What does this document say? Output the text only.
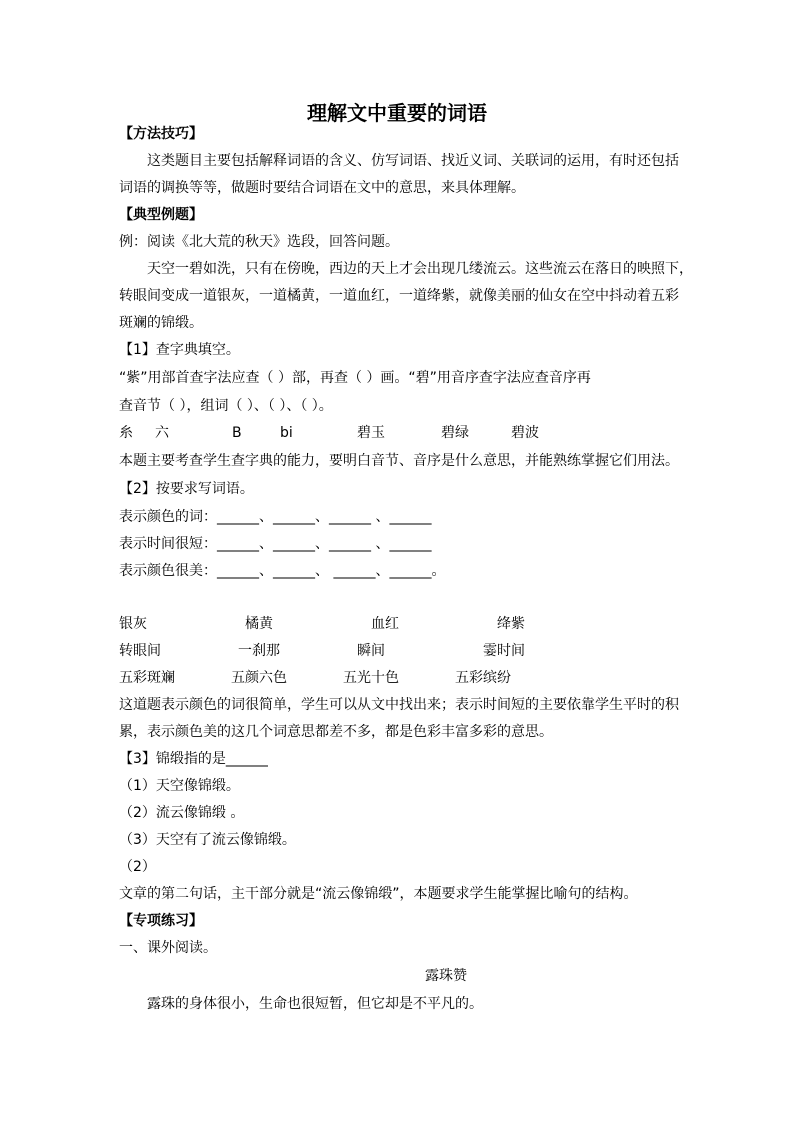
理解文中重要的词语
【方法技巧】
这类题目主要包括解释词语的含义、仿写词语、找近义词、关联词的运用，有时还包括
词语的调换等等，做题时要结合词语在文中的意思，来具体理解。
【典型例题】
例：阅读《北大荒的秋天》选段，回答问题。
天空一碧如洗，只有在傍晚，西边的天上才会出现几缕流云。这些流云在落日的映照下，
转眼间变成一道银灰，一道橘黄，一道血红，一道绛紫，就像美丽的仙女在空中抖动着五彩
斑斓的锦缎。
【1】查字典填空。
“紫”用部首查字法应查（ ）部，再查（ ）画。“碧”用音序查字法应查音序再
查音节（ ），组词（ ）、（ ）、（ ）。
糸 六	B	bi	碧玉	碧绿	碧波
本题主要考查学生查字典的能力，要明白音节、音序是什么意思，并能熟练掌握它们用法。
【2】按要求写词语。
表示颜色的词：______、______、______ 、______
表示时间很短：______、______、______ 、______
表示颜色很美：______、______、 ______、______。
银灰	橘黄	血红	绛紫
转眼间	一刹那	瞬间	霎时间
五彩斑斓	五颜六色	五光十色	五彩缤纷
这道题表示颜色的词很简单，学生可以从文中找出来；表示时间短的主要依靠学生平时的积
累，表示颜色美的这几个词意思都差不多，都是色彩丰富多彩的意思。
【3】锦缎指的是______
（1）天空像锦缎。
（2）流云像锦缎 。
（3）天空有了流云像锦缎。
（2）
文章的第二句话，主干部分就是“流云像锦缎”，本题要求学生能掌握比喻句的结构。
【专项练习】
一、课外阅读。
露珠赞
露珠的身体很小，生命也很短暂，但它却是不平凡的。
